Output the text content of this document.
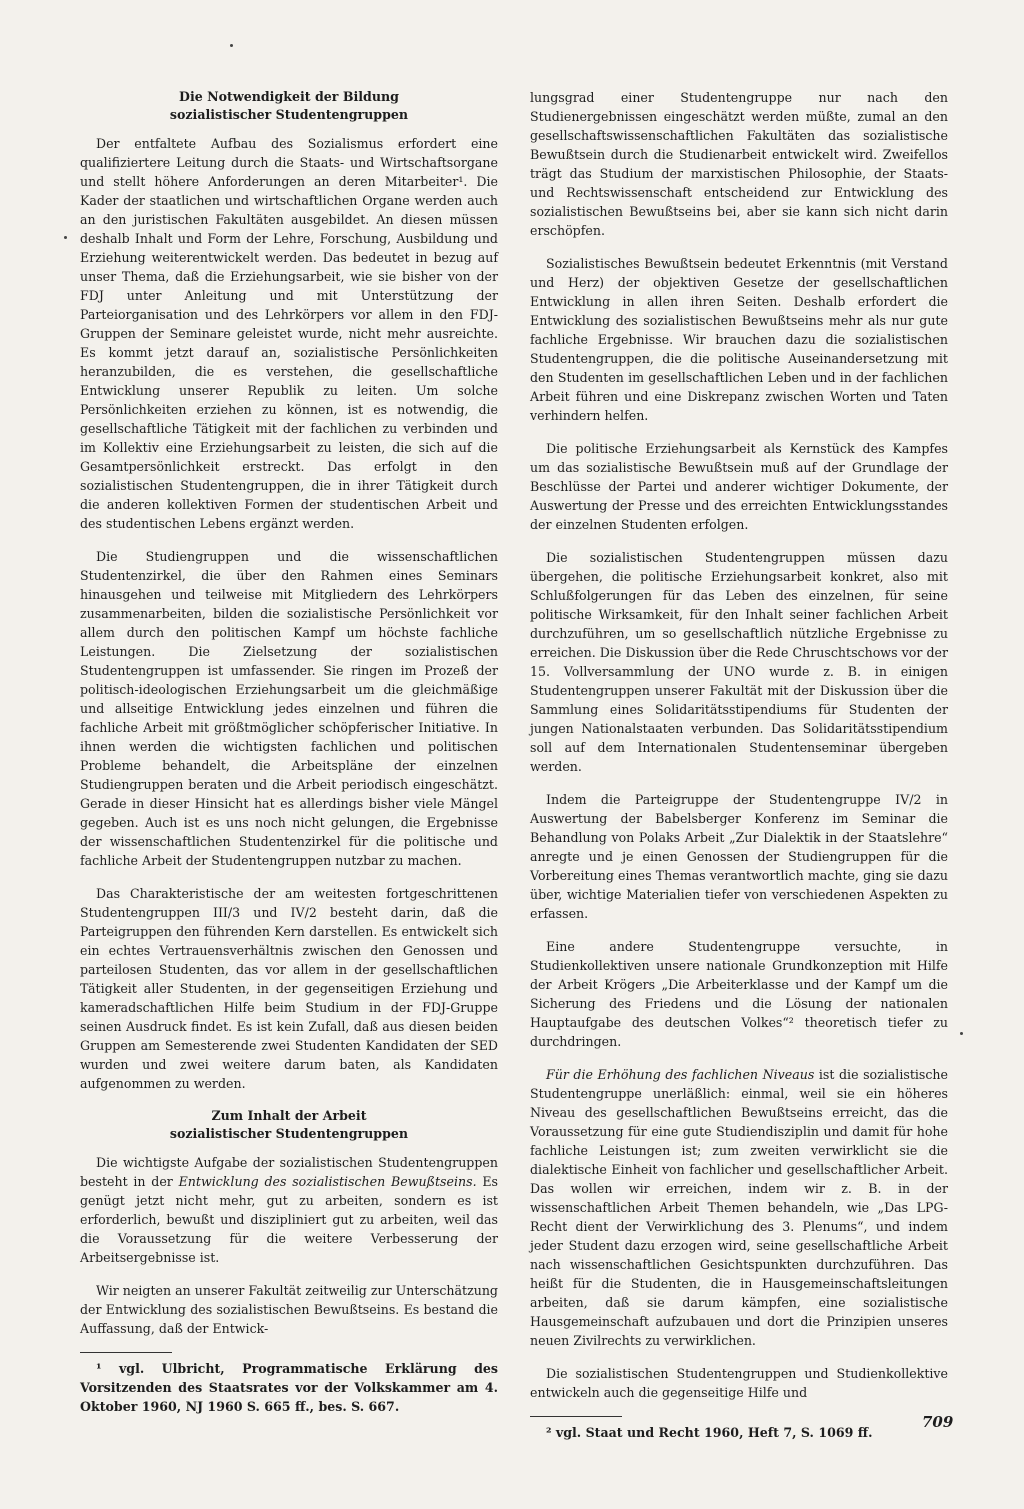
Die Notwendigkeit der Bildung
sozialistischer Studentengruppen

Der entfaltete Aufbau des Sozialismus erfordert eine qualifiziertere Leitung durch die Staats- und Wirtschaftsorgane und stellt höhere Anforderungen an deren Mitarbeiter¹. Die Kader der staatlichen und wirtschaftlichen Organe werden auch an den juristischen Fakultäten ausgebildet. An diesen müssen deshalb Inhalt und Form der Lehre, Forschung, Ausbildung und Erziehung weiterentwickelt werden. Das bedeutet in bezug auf unser Thema, daß die Erziehungsarbeit, wie sie bisher von der FDJ unter Anleitung und mit Unterstützung der Parteiorganisation und des Lehrkörpers vor allem in den FDJ-Gruppen der Seminare geleistet wurde, nicht mehr ausreichte. Es kommt jetzt darauf an, sozialistische Persönlichkeiten heranzubilden, die es verstehen, die gesellschaftliche Entwicklung unserer Republik zu leiten. Um solche Persönlichkeiten erziehen zu können, ist es notwendig, die gesellschaftliche Tätigkeit mit der fachlichen zu verbinden und im Kollektiv eine Erziehungsarbeit zu leisten, die sich auf die Gesamtpersönlichkeit erstreckt. Das erfolgt in den sozialistischen Studentengruppen, die in ihrer Tätigkeit durch die anderen kollektiven Formen der studentischen Arbeit und des studentischen Lebens ergänzt werden.

Die Studiengruppen und die wissenschaftlichen Studentenzirkel, die über den Rahmen eines Seminars hinausgehen und teilweise mit Mitgliedern des Lehrkörpers zusammenarbeiten, bilden die sozialistische Persönlichkeit vor allem durch den politischen Kampf um höchste fachliche Leistungen. Die Zielsetzung der sozialistischen Studentengruppen ist umfassender. Sie ringen im Prozeß der politisch-ideologischen Erziehungsarbeit um die gleichmäßige und allseitige Entwicklung jedes einzelnen und führen die fachliche Arbeit mit größtmöglicher schöpferischer Initiative. In ihnen werden die wichtigsten fachlichen und politischen Probleme behandelt, die Arbeitspläne der einzelnen Studiengruppen beraten und die Arbeit periodisch eingeschätzt. Gerade in dieser Hinsicht hat es allerdings bisher viele Mängel gegeben. Auch ist es uns noch nicht gelungen, die Ergebnisse der wissenschaftlichen Studentenzirkel für die politische und fachliche Arbeit der Studentengruppen nutzbar zu machen.

Das Charakteristische der am weitesten fortgeschrittenen Studentengruppen III/3 und IV/2 besteht darin, daß die Parteigruppen den führenden Kern darstellen. Es entwickelt sich ein echtes Vertrauensverhältnis zwischen den Genossen und parteilosen Studenten, das vor allem in der gesellschaftlichen Tätigkeit aller Studenten, in der gegenseitigen Erziehung und kameradschaftlichen Hilfe beim Studium in der FDJ-Gruppe seinen Ausdruck findet. Es ist kein Zufall, daß aus diesen beiden Gruppen am Semesterende zwei Studenten Kandidaten der SED wurden und zwei weitere darum baten, als Kandidaten aufgenommen zu werden.

Zum Inhalt der Arbeit
sozialistischer Studentengruppen

Die wichtigste Aufgabe der sozialistischen Studentengruppen besteht in der Entwicklung des sozialistischen Bewußtseins. Es genügt jetzt nicht mehr, gut zu arbeiten, sondern es ist erforderlich, bewußt und diszipliniert gut zu arbeiten, weil das die Voraussetzung für die weitere Verbesserung der Arbeitsergebnisse ist.

Wir neigten an unserer Fakultät zeitweilig zur Unterschätzung der Entwicklung des sozialistischen Bewußtseins. Es bestand die Auffassung, daß der Entwick-

¹ vgl. Ulbricht, Programmatische Erklärung des Vorsitzenden des Staatsrates vor der Volkskammer am 4. Oktober 1960, NJ 1960 S. 665 ff., bes. S. 667.

lungsgrad einer Studentengruppe nur nach den Studienergebnissen eingeschätzt werden müßte, zumal an den gesellschaftswissenschaftlichen Fakultäten das sozialistische Bewußtsein durch die Studienarbeit entwickelt wird. Zweifellos trägt das Studium der marxistischen Philosophie, der Staats- und Rechtswissenschaft entscheidend zur Entwicklung des sozialistischen Bewußtseins bei, aber sie kann sich nicht darin erschöpfen.

Sozialistisches Bewußtsein bedeutet Erkenntnis (mit Verstand und Herz) der objektiven Gesetze der gesellschaftlichen Entwicklung in allen ihren Seiten. Deshalb erfordert die Entwicklung des sozialistischen Bewußtseins mehr als nur gute fachliche Ergebnisse. Wir brauchen dazu die sozialistischen Studentengruppen, die die politische Auseinandersetzung mit den Studenten im gesellschaftlichen Leben und in der fachlichen Arbeit führen und eine Diskrepanz zwischen Worten und Taten verhindern helfen.

Die politische Erziehungsarbeit als Kernstück des Kampfes um das sozialistische Bewußtsein muß auf der Grundlage der Beschlüsse der Partei und anderer wichtiger Dokumente, der Auswertung der Presse und des erreichten Entwicklungsstandes der einzelnen Studenten erfolgen.

Die sozialistischen Studentengruppen müssen dazu übergehen, die politische Erziehungsarbeit konkret, also mit Schlußfolgerungen für das Leben des einzelnen, für seine politische Wirksamkeit, für den Inhalt seiner fachlichen Arbeit durchzuführen, um so gesellschaftlich nützliche Ergebnisse zu erreichen. Die Diskussion über die Rede Chruschtschows vor der 15. Vollversammlung der UNO wurde z. B. in einigen Studentengruppen unserer Fakultät mit der Diskussion über die Sammlung eines Solidaritätsstipendiums für Studenten der jungen Nationalstaaten verbunden. Das Solidaritätsstipendium soll auf dem Internationalen Studentenseminar übergeben werden.

Indem die Parteigruppe der Studentengruppe IV/2 in Auswertung der Babelsberger Konferenz im Seminar die Behandlung von Polaks Arbeit „Zur Dialektik in der Staatslehre“ anregte und je einen Genossen der Studiengruppen für die Vorbereitung eines Themas verantwortlich machte, ging sie dazu über, wichtige Materialien tiefer von verschiedenen Aspekten zu erfassen.

Eine andere Studentengruppe versuchte, in Studienkollektiven unsere nationale Grundkonzeption mit Hilfe der Arbeit Krögers „Die Arbeiterklasse und der Kampf um die Sicherung des Friedens und die Lösung der nationalen Hauptaufgabe des deutschen Volkes“² theoretisch tiefer zu durchdringen.

Für die Erhöhung des fachlichen Niveaus ist die sozialistische Studentengruppe unerläßlich: einmal, weil sie ein höheres Niveau des gesellschaftlichen Bewußtseins erreicht, das die Voraussetzung für eine gute Studiendisziplin und damit für hohe fachliche Leistungen ist; zum zweiten verwirklicht sie die dialektische Einheit von fachlicher und gesellschaftlicher Arbeit. Das wollen wir erreichen, indem wir z. B. in der wissenschaftlichen Arbeit Themen behandeln, wie „Das LPG-Recht dient der Verwirklichung des 3. Plenums“, und indem jeder Student dazu erzogen wird, seine gesellschaftliche Arbeit nach wissenschaftlichen Gesichtspunkten durchzuführen. Das heißt für die Studenten, die in Hausgemeinschaftsleitungen arbeiten, daß sie darum kämpfen, eine sozialistische Hausgemeinschaft aufzubauen und dort die Prinzipien unseres neuen Zivilrechts zu verwirklichen.

Die sozialistischen Studentengruppen und Studienkollektive entwickeln auch die gegenseitige Hilfe und

² vgl. Staat und Recht 1960, Heft 7, S. 1069 ff.

709
